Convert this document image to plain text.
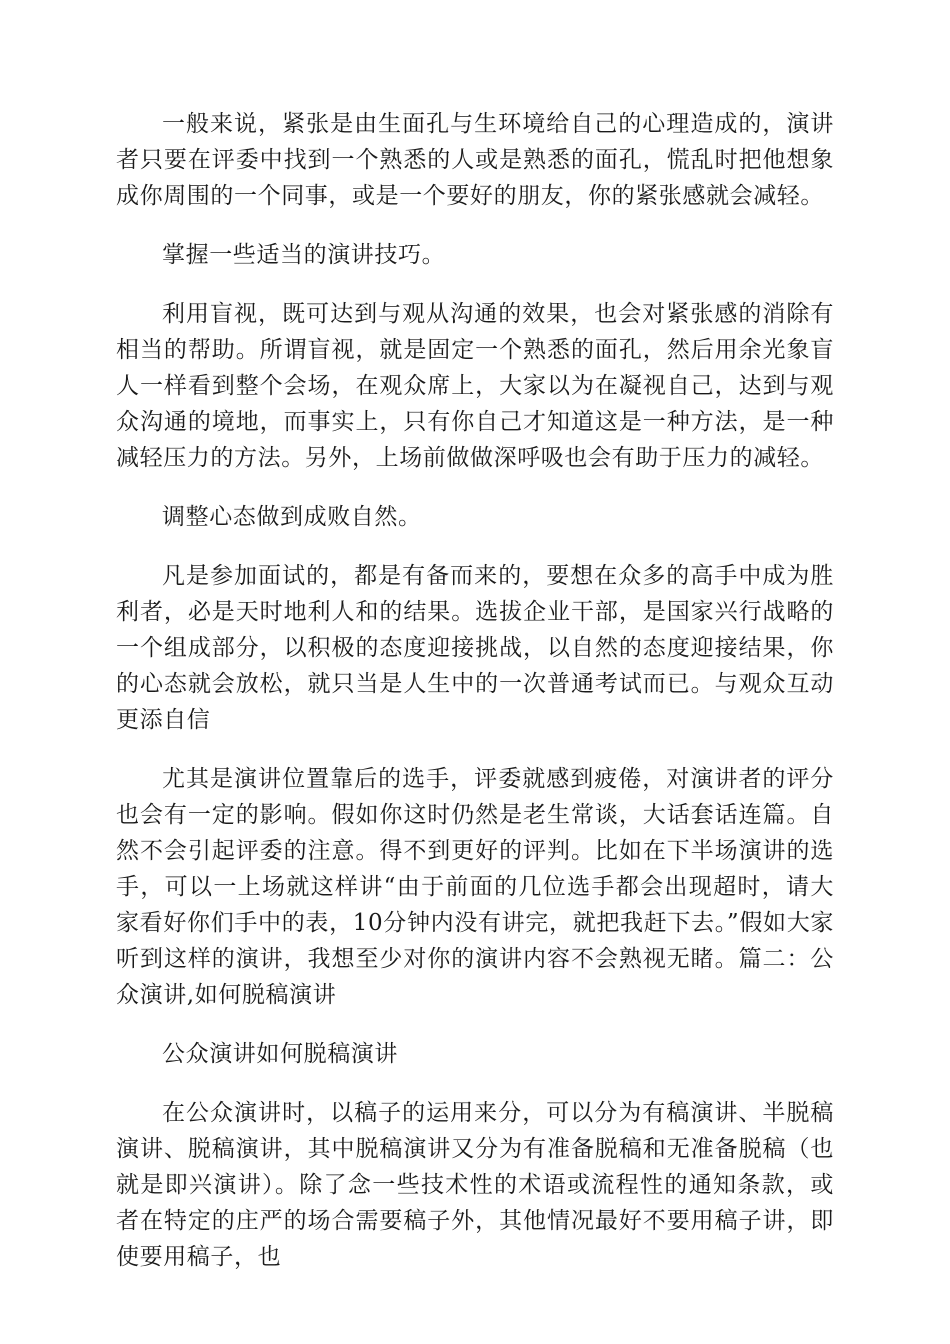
一般来说，紧张是由生面孔与生环境给自己的心理造成的，演讲者只要在评委中找到一个熟悉的人或是熟悉的面孔，慌乱时把他想象成你周围的一个同事，或是一个要好的朋友，你的紧张感就会减轻。

掌握一些适当的演讲技巧。

利用盲视，既可达到与观从沟通的效果，也会对紧张感的消除有相当的帮助。所谓盲视，就是固定一个熟悉的面孔，然后用余光象盲人一样看到整个会场，在观众席上，大家以为在凝视自己，达到与观众沟通的境地，而事实上，只有你自己才知道这是一种方法，是一种减轻压力的方法。另外，上场前做做深呼吸也会有助于压力的减轻。

调整心态做到成败自然。

凡是参加面试的，都是有备而来的，要想在众多的高手中成为胜利者，必是天时地利人和的结果。选拔企业干部，是国家兴行战略的一个组成部分，以积极的态度迎接挑战，以自然的态度迎接结果，你的心态就会放松，就只当是人生中的一次普通考试而已。与观众互动更添自信

尤其是演讲位置靠后的选手，评委就感到疲倦，对演讲者的评分也会有一定的影响。假如你这时仍然是老生常谈，大话套话连篇。自然不会引起评委的注意。得不到更好的评判。比如在下半场演讲的选手，可以一上场就这样讲“由于前面的几位选手都会出现超时，请大家看好你们手中的表，10分钟内没有讲完，就把我赶下去。”假如大家听到这样的演讲，我想至少对你的演讲内容不会熟视无睹。篇二：公众演讲,如何脱稿演讲

公众演讲如何脱稿演讲

在公众演讲时，以稿子的运用来分，可以分为有稿演讲、半脱稿演讲、脱稿演讲，其中脱稿演讲又分为有准备脱稿和无准备脱稿（也就是即兴演讲）。除了念一些技术性的术语或流程性的通知条款，或者在特定的庄严的场合需要稿子外，其他情况最好不要用稿子讲，即使要用稿子，也
